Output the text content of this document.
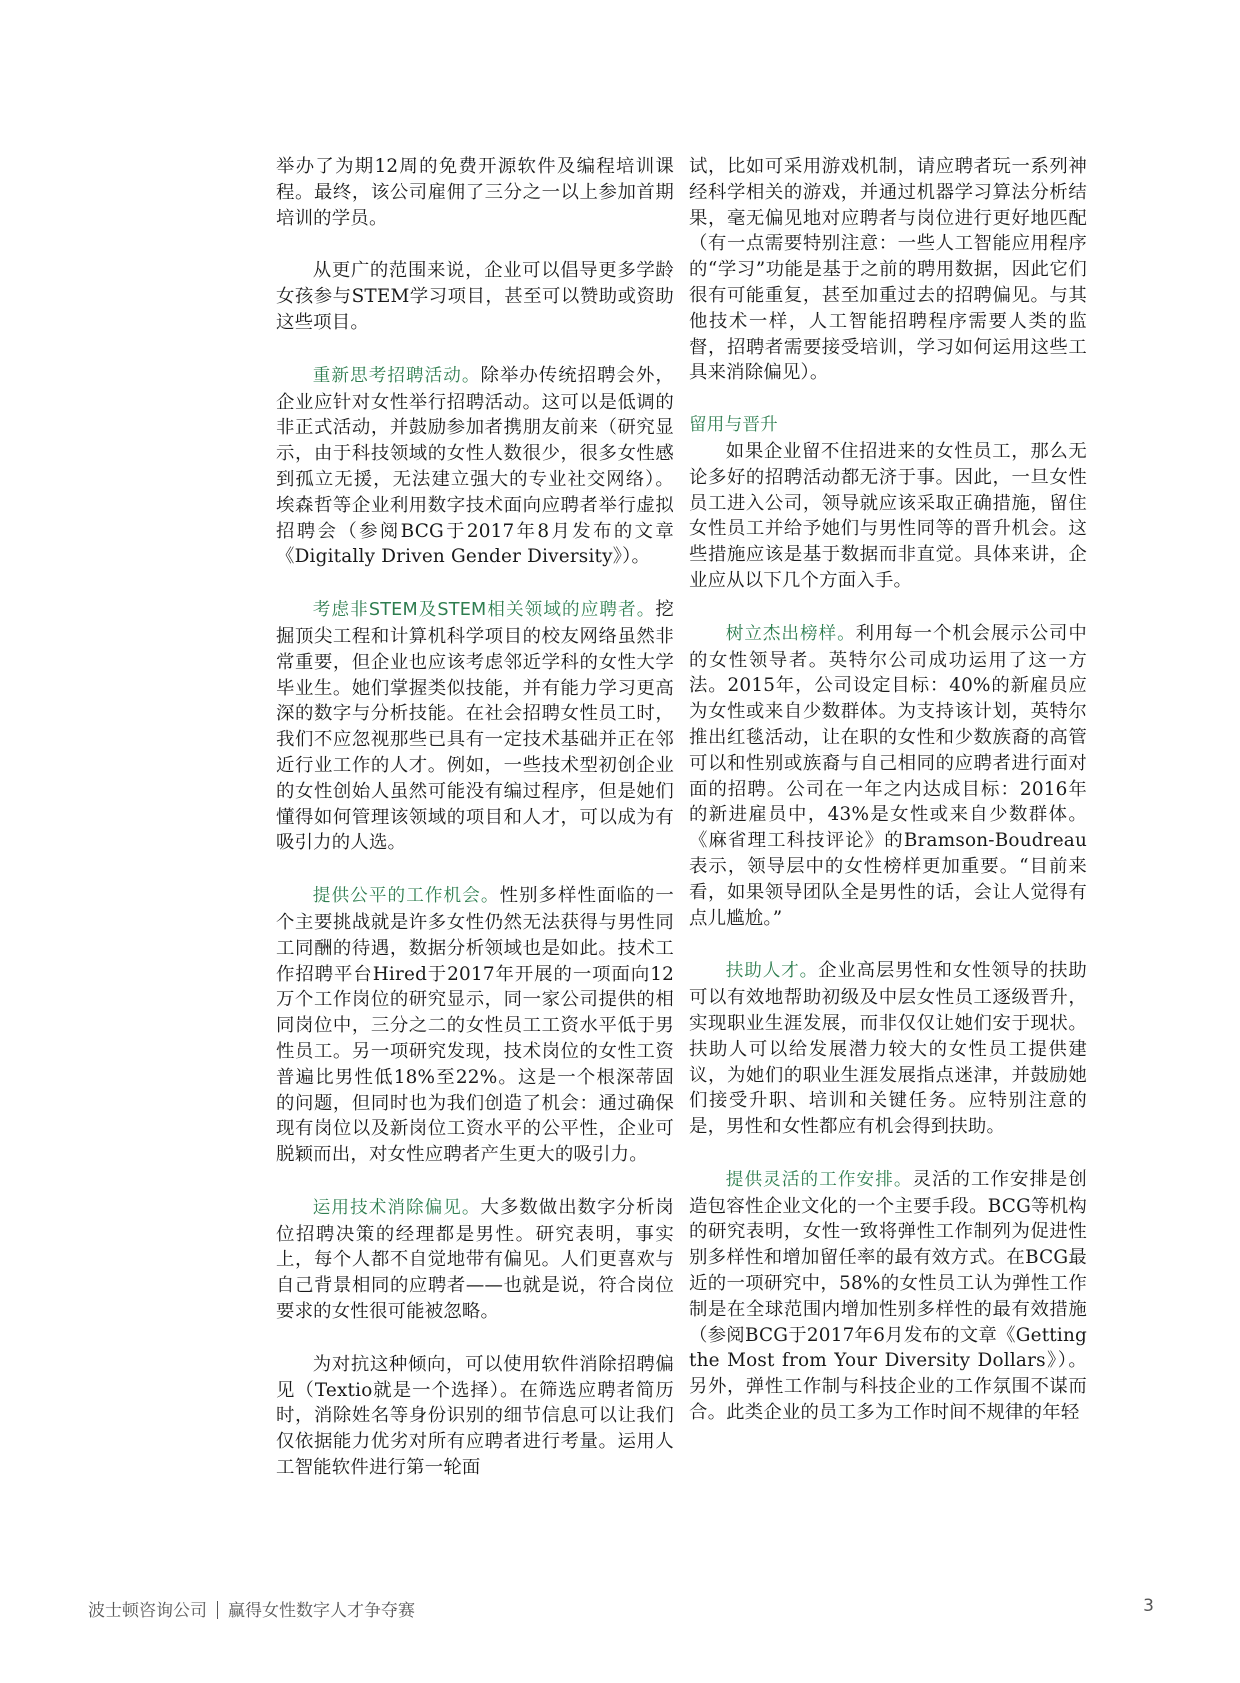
举办了为期12周的免费开源软件及编程培训课程。最终，该公司雇佣了三分之一以上参加首期培训的学员。

从更广的范围来说，企业可以倡导更多学龄女孩参与STEM学习项目，甚至可以赞助或资助这些项目。

重新思考招聘活动。除举办传统招聘会外，企业应针对女性举行招聘活动。这可以是低调的非正式活动，并鼓励参加者携朋友前来（研究显示，由于科技领域的女性人数很少，很多女性感到孤立无援，无法建立强大的专业社交网络）。埃森哲等企业利用数字技术面向应聘者举行虚拟招聘会（参阅BCG于2017年8月发布的文章《Digitally Driven Gender Diversity》）。

考虑非STEM及STEM相关领域的应聘者。挖掘顶尖工程和计算机科学项目的校友网络虽然非常重要，但企业也应该考虑邻近学科的女性大学毕业生。她们掌握类似技能，并有能力学习更高深的数字与分析技能。在社会招聘女性员工时，我们不应忽视那些已具有一定技术基础并正在邻近行业工作的人才。例如，一些技术型初创企业的女性创始人虽然可能没有编过程序，但是她们懂得如何管理该领域的项目和人才，可以成为有吸引力的人选。

提供公平的工作机会。性别多样性面临的一个主要挑战就是许多女性仍然无法获得与男性同工同酬的待遇，数据分析领域也是如此。技术工作招聘平台Hired于2017年开展的一项面向12万个工作岗位的研究显示，同一家公司提供的相同岗位中，三分之二的女性员工工资水平低于男性员工。另一项研究发现，技术岗位的女性工资普遍比男性低18%至22%。这是一个根深蒂固的问题，但同时也为我们创造了机会：通过确保现有岗位以及新岗位工资水平的公平性，企业可脱颖而出，对女性应聘者产生更大的吸引力。

运用技术消除偏见。大多数做出数字分析岗位招聘决策的经理都是男性。研究表明，事实上，每个人都不自觉地带有偏见。人们更喜欢与自己背景相同的应聘者——也就是说，符合岗位要求的女性很可能被忽略。

为对抗这种倾向，可以使用软件消除招聘偏见（Textio就是一个选择）。在筛选应聘者简历时，消除姓名等身份识别的细节信息可以让我们仅依据能力优劣对所有应聘者进行考量。运用人工智能软件进行第一轮面

试，比如可采用游戏机制，请应聘者玩一系列神经科学相关的游戏，并通过机器学习算法分析结果，毫无偏见地对应聘者与岗位进行更好地匹配（有一点需要特别注意：一些人工智能应用程序的“学习”功能是基于之前的聘用数据，因此它们很有可能重复，甚至加重过去的招聘偏见。与其他技术一样，人工智能招聘程序需要人类的监督，招聘者需要接受培训，学习如何运用这些工具来消除偏见）。

留用与晋升

如果企业留不住招进来的女性员工，那么无论多好的招聘活动都无济于事。因此，一旦女性员工进入公司，领导就应该采取正确措施，留住女性员工并给予她们与男性同等的晋升机会。这些措施应该是基于数据而非直觉。具体来讲，企业应从以下几个方面入手。

树立杰出榜样。利用每一个机会展示公司中的女性领导者。英特尔公司成功运用了这一方法。2015年，公司设定目标：40%的新雇员应为女性或来自少数群体。为支持该计划，英特尔推出红毯活动，让在职的女性和少数族裔的高管可以和性别或族裔与自己相同的应聘者进行面对面的招聘。公司在一年之内达成目标：2016年的新进雇员中，43%是女性或来自少数群体。《麻省理工科技评论》的Bramson-Boudreau表示，领导层中的女性榜样更加重要。“目前来看，如果领导团队全是男性的话，会让人觉得有点儿尴尬。”

扶助人才。企业高层男性和女性领导的扶助可以有效地帮助初级及中层女性员工逐级晋升，实现职业生涯发展，而非仅仅让她们安于现状。扶助人可以给发展潜力较大的女性员工提供建议，为她们的职业生涯发展指点迷津，并鼓励她们接受升职、培训和关键任务。应特别注意的是，男性和女性都应有机会得到扶助。

提供灵活的工作安排。灵活的工作安排是创造包容性企业文化的一个主要手段。BCG等机构的研究表明，女性一致将弹性工作制列为促进性别多样性和增加留任率的最有效方式。在BCG最近的一项研究中，58%的女性员工认为弹性工作制是在全球范围内增加性别多样性的最有效措施（参阅BCG于2017年6月发布的文章《Getting the Most from Your Diversity Dollars》）。另外，弹性工作制与科技企业的工作氛围不谋而合。此类企业的员工多为工作时间不规律的年轻

波士顿咨询公司 赢得女性数字人才争夺赛	3
